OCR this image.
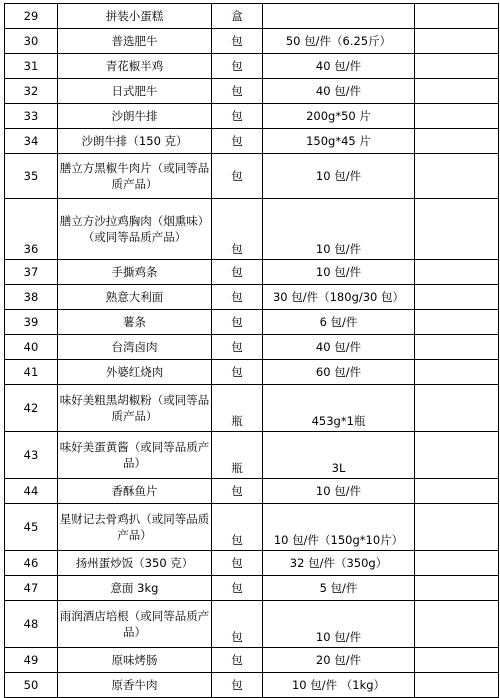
29	拼装小蛋糕	盒		
30	普选肥牛	包	50 包/件（6.25斤）	
31	青花椒半鸡	包	40 包/件	
32	日式肥牛	包	40 包/件	
33	沙朗牛排	包	200g*50 片	
34	沙朗牛排（150 克）	包	150g*45 片	
35	膳立方黑椒牛肉片（或同等品质产品）	包	10 包/件	
36	膳立方沙拉鸡胸肉（烟熏味）（或同等品质产品）	包	10 包/件	
37	手撕鸡条	包	10 包/件	
38	熟意大利面	包	30 包/件（180g/30 包）	
39	薯条	包	6 包/件	
40	台湾卤肉	包	40 包/件	
41	外婆红烧肉	包	60 包/件	
42	味好美粗黑胡椒粉（或同等品质产品）	瓶	453g*1瓶	
43	味好美蛋黄酱（或同等品质产品）	瓶	3L	
44	香酥鱼片	包	10 包/件	
45	星财记去骨鸡扒（或同等品质产品）	包	10 包/件（150g*10片）	
46	扬州蛋炒饭（350 克）	包	32 包/件（350g）	
47	意面 3kg	包	5 包/件	
48	雨润酒店培根（或同等品质产品）	包	10 包/件	
49	原味烤肠	包	20 包/件	
50	原香牛肉	包	10 包/件 （1kg）	
